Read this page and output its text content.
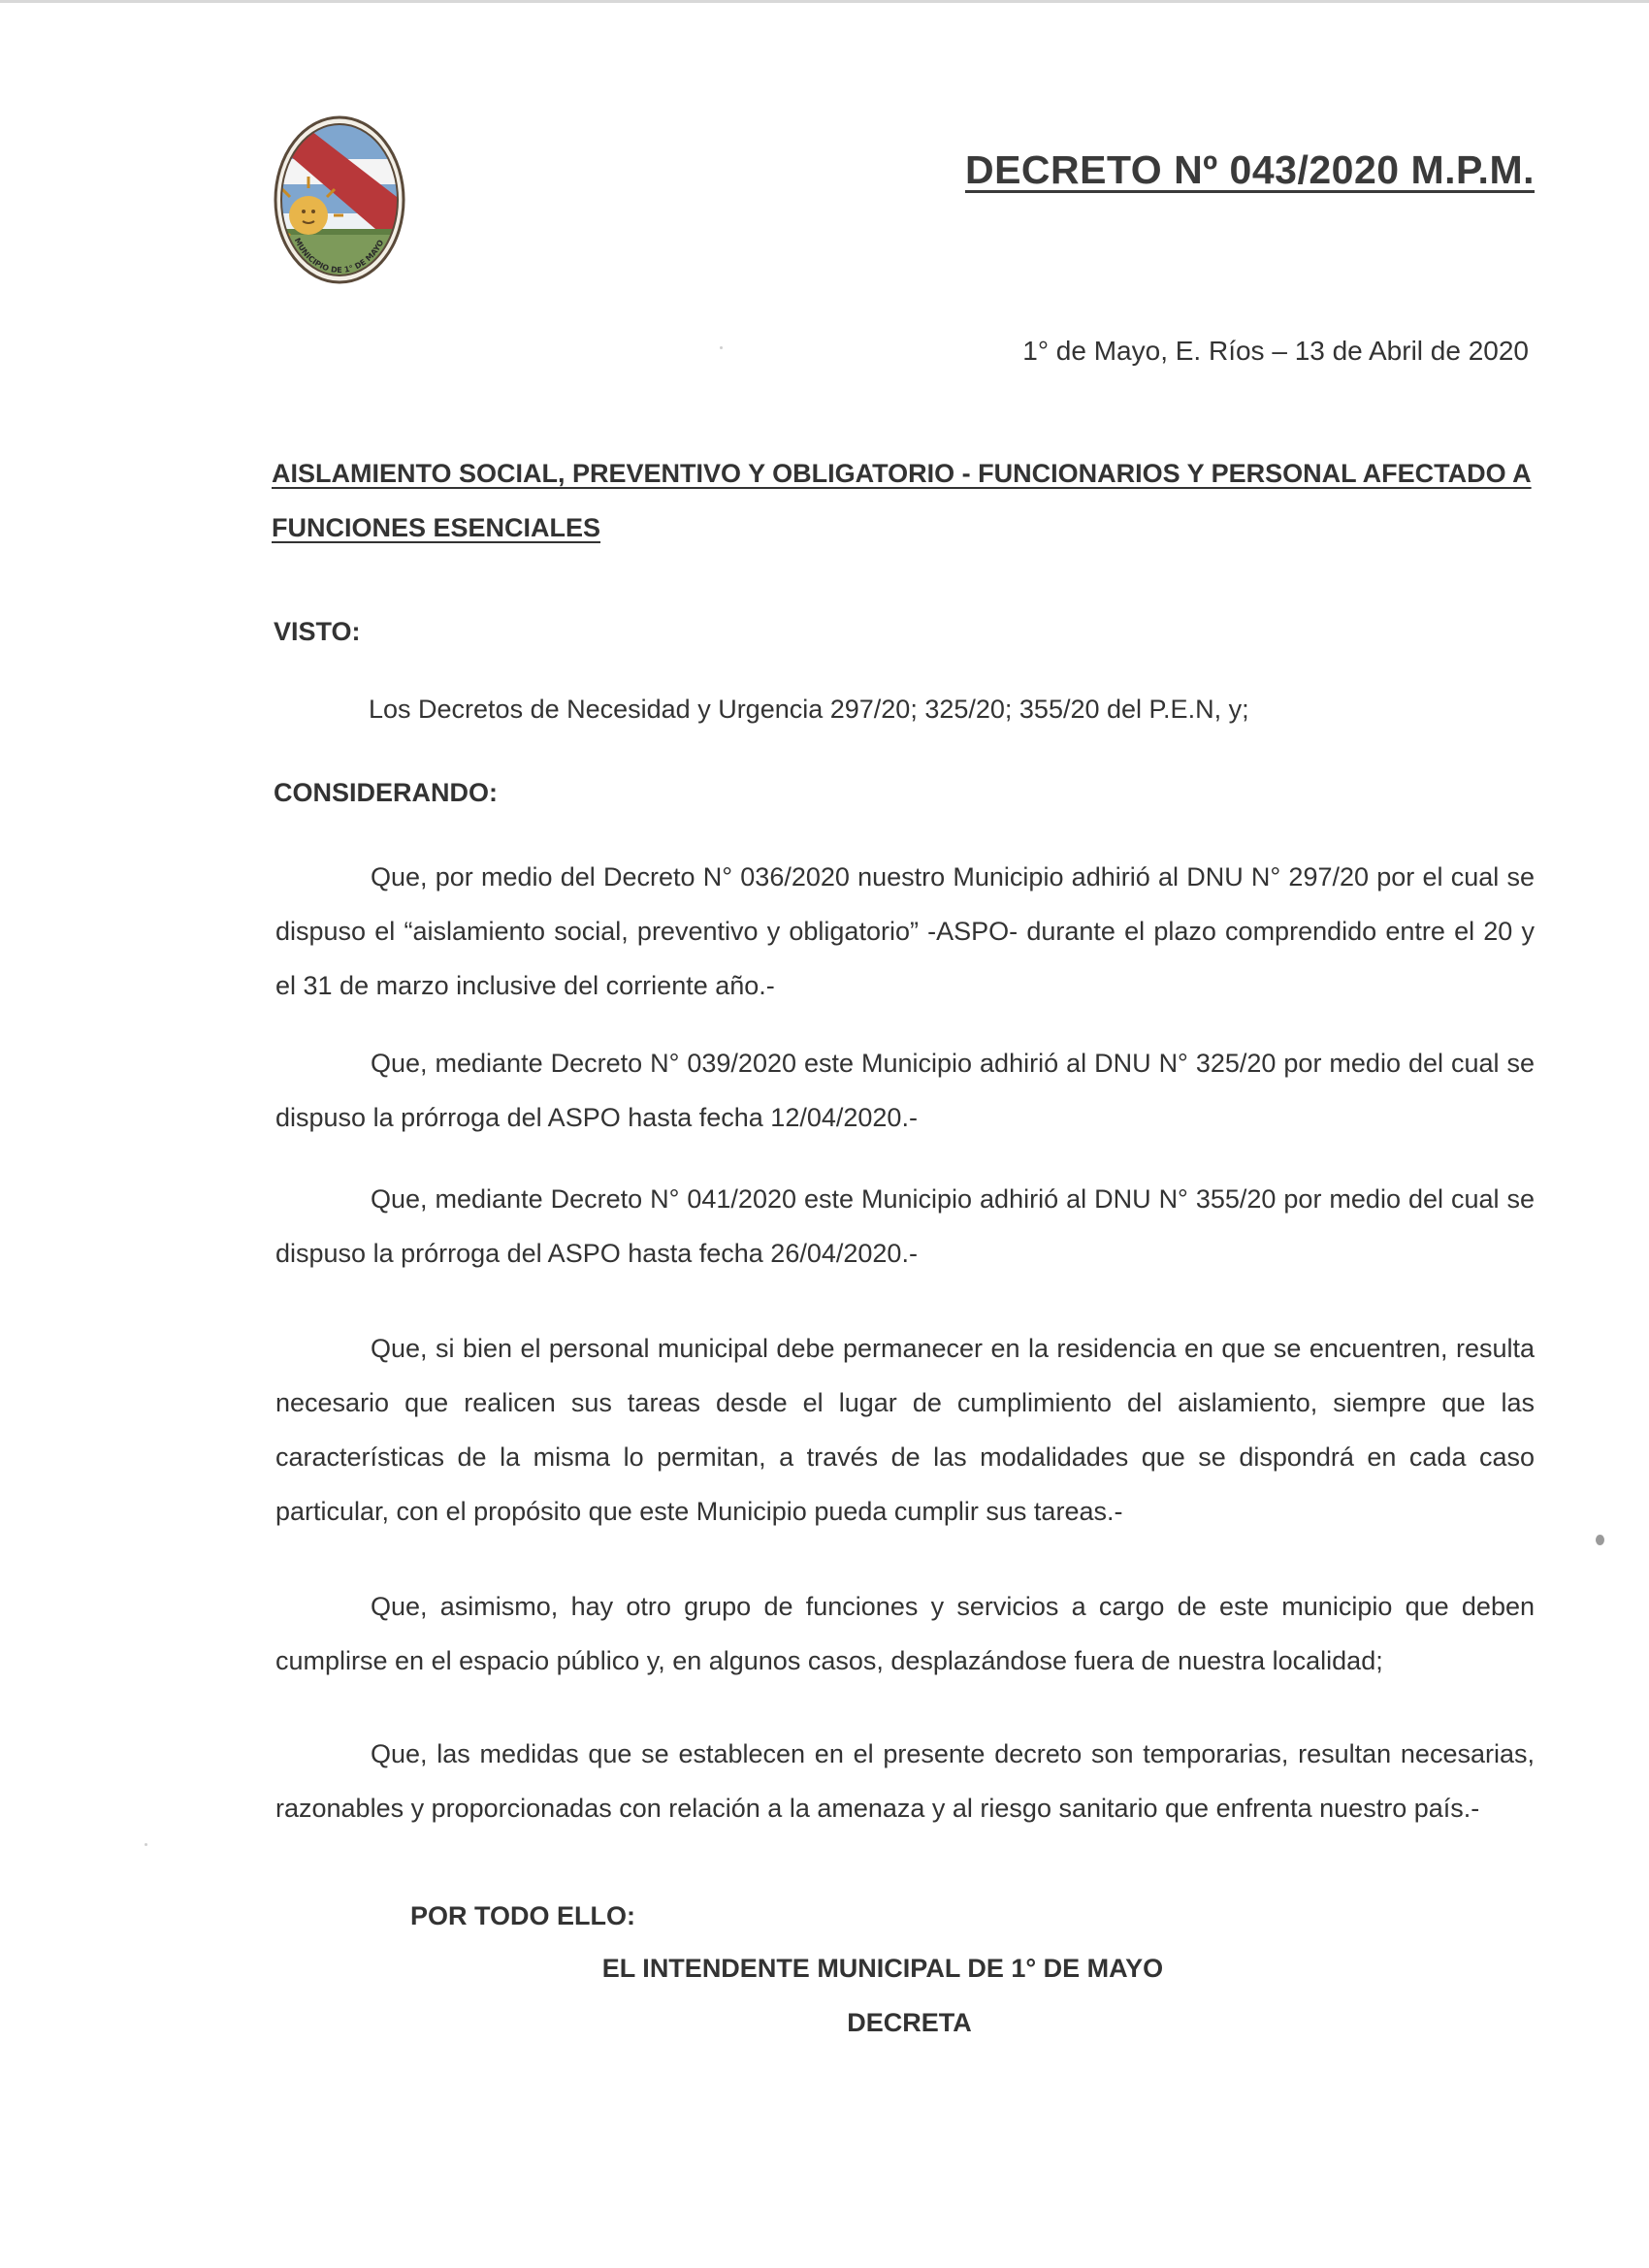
MUNICIPIO DE 1° DE MAYO
DECRETO Nº 043/2020 M.P.M.
1° de Mayo, E. Ríos – 13 de Abril de 2020
AISLAMIENTO SOCIAL, PREVENTIVO Y OBLIGATORIO - FUNCIONARIOS Y PERSONAL AFECTADO A FUNCIONES ESENCIALES
VISTO:
Los Decretos de Necesidad y Urgencia 297/20; 325/20; 355/20 del P.E.N, y;
CONSIDERANDO:

Que, por medio del Decreto N° 036/2020 nuestro Municipio adhirió al DNU N° 297/20 por el cual se dispuso el “aislamiento social, preventivo y obligatorio” -ASPO- durante el plazo comprendido entre el 20 y el 31 de marzo inclusive del corriente año.-

Que, mediante Decreto N° 039/2020 este Municipio adhirió al DNU N° 325/20 por medio del cual se dispuso la prórroga del ASPO hasta fecha 12/04/2020.-

Que, mediante Decreto N° 041/2020 este Municipio adhirió al DNU N° 355/20 por medio del cual se dispuso la prórroga del ASPO hasta fecha 26/04/2020.-

Que, si bien el personal municipal debe permanecer en la residencia en que se encuentren, resulta necesario que realicen sus tareas desde el lugar de cumplimiento del aislamiento, siempre que las características de la misma lo permitan, a través de las modalidades que se dispondrá en cada caso particular, con el propósito que este Municipio pueda cumplir sus tareas.-

Que, asimismo, hay otro grupo de funciones y servicios a cargo de este municipio que deben cumplirse en el espacio público y, en algunos casos, desplazándose fuera de nuestra localidad;

Que, las medidas que se establecen en el presente decreto son temporarias, resultan necesarias, razonables y proporcionadas con relación a la amenaza y al riesgo sanitario que enfrenta nuestro país.-

POR TODO ELLO:
EL INTENDENTE MUNICIPAL DE 1° DE MAYO
DECRETA
